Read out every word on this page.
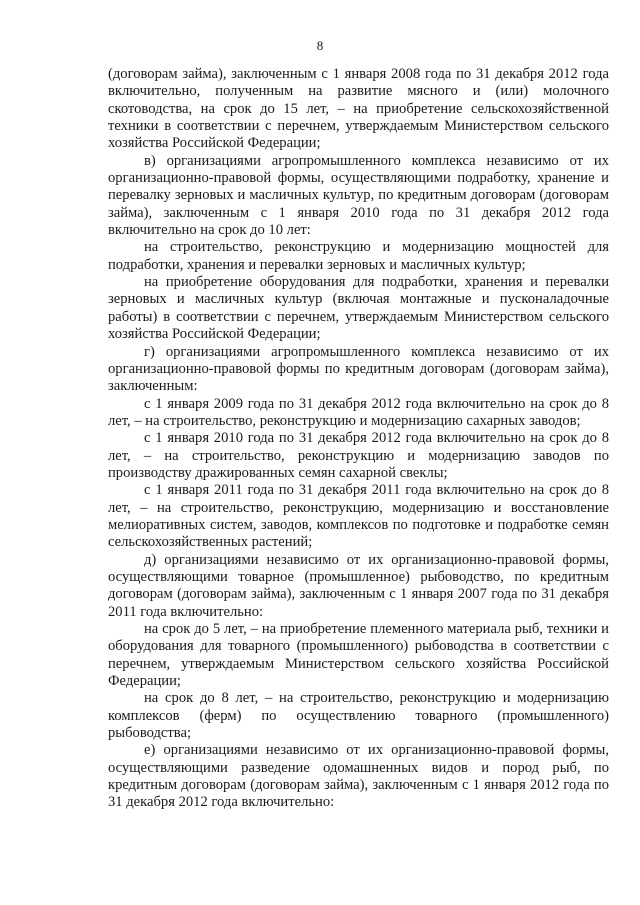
8

(договорам займа), заключенным с 1 января 2008 года по 31 декабря 2012 года включительно, полученным на развитие мясного и (или) молочного скотоводства, на срок до 15 лет, – на приобретение сельскохозяйственной техники в соответствии с перечнем, утверждаемым Министерством сельского хозяйства Российской Федерации;

в) организациями агропромышленного комплекса независимо от их организационно-правовой формы, осуществляющими подработку, хранение и перевалку зерновых и масличных культур, по кредитным договорам (договорам займа), заключенным с 1 января 2010 года по 31 декабря 2012 года включительно на срок до 10 лет:

на строительство, реконструкцию и модернизацию мощностей для подработки, хранения и перевалки зерновых и масличных культур;

на приобретение оборудования для подработки, хранения и перевалки зерновых и масличных культур (включая монтажные и пусконаладочные работы) в соответствии с перечнем, утверждаемым Министерством сельского хозяйства Российской Федерации;

г) организациями агропромышленного комплекса независимо от их организационно-правовой формы по кредитным договорам (договорам займа), заключенным:

с 1 января 2009 года по 31 декабря 2012 года включительно на срок до 8 лет, – на строительство, реконструкцию и модернизацию сахарных заводов;

с 1 января 2010 года по 31 декабря 2012 года включительно на срок до 8 лет, – на строительство, реконструкцию и модернизацию заводов по производству дражированных семян сахарной свеклы;

с 1 января 2011 года по 31 декабря 2011 года включительно на срок до 8 лет, – на строительство, реконструкцию, модернизацию и восстановление мелиоративных систем, заводов, комплексов по подготовке и подработке семян сельскохозяйственных растений;

д) организациями независимо от их организационно-правовой формы, осуществляющими товарное (промышленное) рыбоводство, по кредитным договорам (договорам займа), заключенным с 1 января 2007 года по 31 декабря 2011 года включительно:

на срок до 5 лет, – на приобретение племенного материала рыб, техники и оборудования для товарного (промышленного) рыбоводства в соответствии с перечнем, утверждаемым Министерством сельского хозяйства Российской Федерации;

на срок до 8 лет, – на строительство, реконструкцию и модернизацию комплексов (ферм) по осуществлению товарного (промышленного) рыбоводства;

е) организациями независимо от их организационно-правовой формы, осуществляющими разведение одомашненных видов и пород рыб, по кредитным договорам (договорам займа), заключенным с 1 января 2012 года по 31 декабря 2012 года включительно:
